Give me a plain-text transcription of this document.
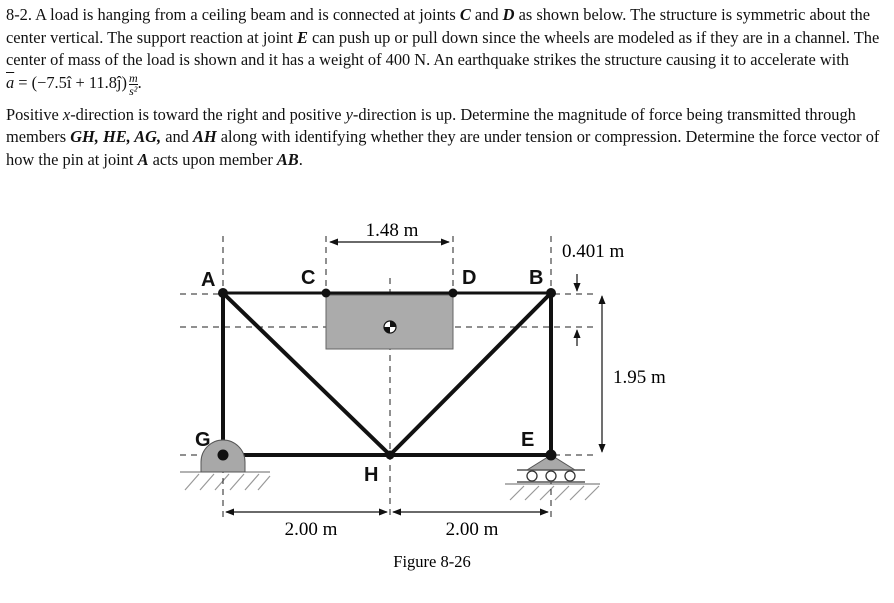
8-2. A load is hanging from a ceiling beam and is connected at joints C and D as shown below. The structure is symmetric about the center vertical. The support reaction at joint E can push up or pull down since the wheels are modeled as if they are in a channel. The center of mass of the load is shown and it has a weight of 400 N. An earthquake strikes the structure causing it to accelerate with $\overline{a}$ = (−7.5î + 11.8ĵ) $\frac{m}{\text{s²}}$ .

Positive x-direction is toward the right and positive y-direction is up. Determine the magnitude of force being transmitted through members GH, HE, AG, and AH along with identifying whether they are under tension or compression. Determine the force vector of how the pin at joint A acts upon member AB.

A	C	D	B
G	E
H
1.48 m
0.401 m
1.95 m
2.00 m	2.00 m
Figure 8-26
